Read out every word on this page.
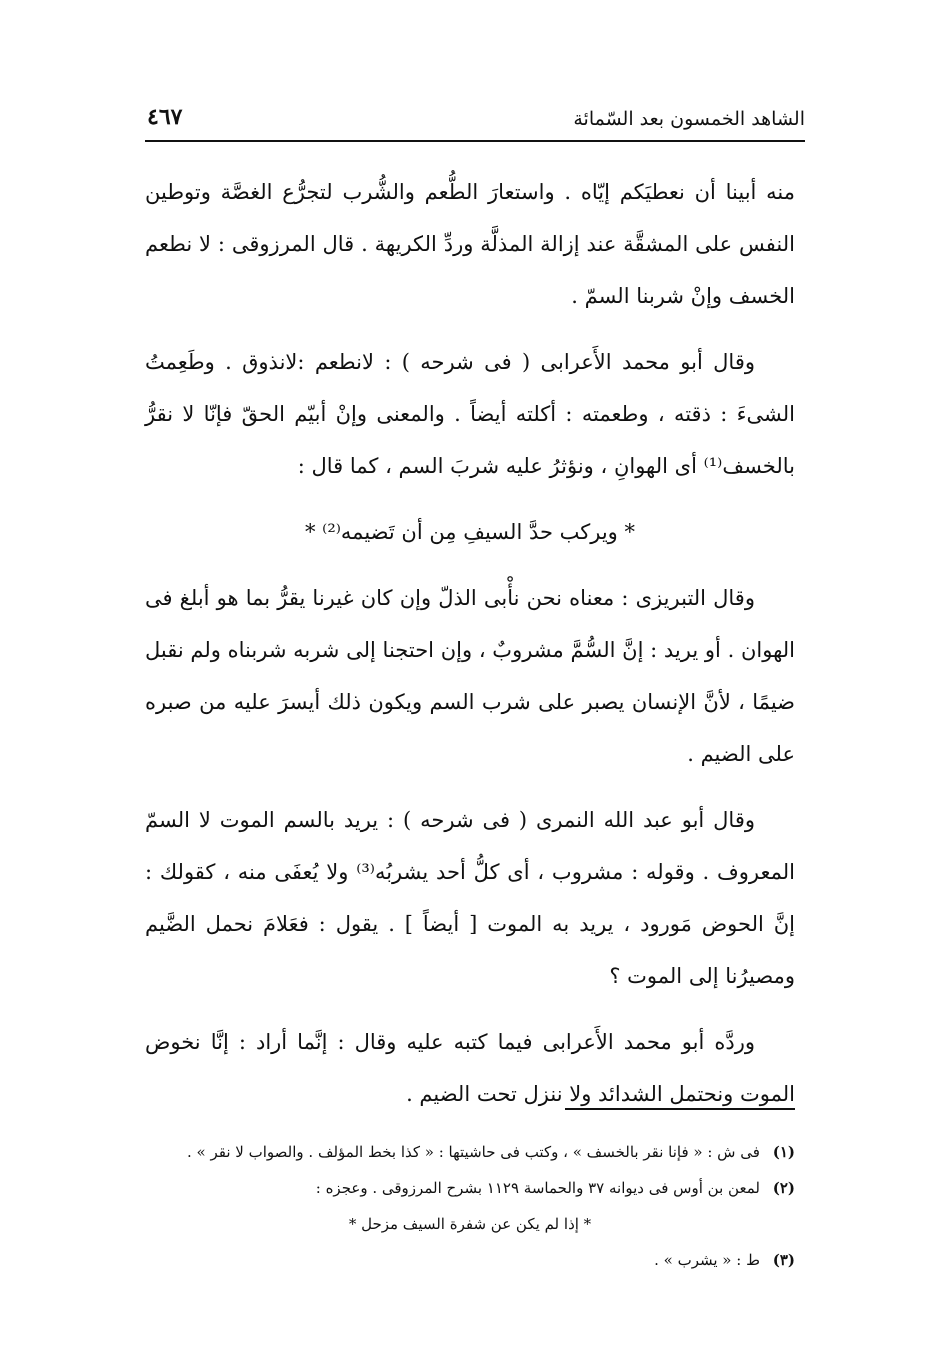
الشاهد الخمسون بعد السّمائة
٤٦٧

منه أبينا أن نعطيَكم إيّاه . واستعارَ الطُّعم والشُّرب لتجرُّع الغصَّة وتوطين النفس على المشقَّة عند إزالة المذلَّة وردِّ الكريهة . قال المرزوقى : لا نطعم الخسف وإنْ شربنا السمّ .

وقال أبو محمد الأَعرابى ( فى شرحه ) : لانطعم :لانذوق . وطَعِمتُ الشىءَ : ذقته ، وطعمته : أكلته أيضاً . والمعنى وإنْ أبيّم الحقّ فإنّا لا نقرُّ بالخسف⁽¹⁾ أى الهوانِ ، ونؤثرُ عليه شربَ السم ، كما قال :

* ويركب حدَّ السيفِ مِن أن تَضيمه⁽²⁾ *

وقال التبريزى : معناه نحن نأْبى الذلّ وإن كان غيرنا يقرُّ بما هو أبلغ فى الهوان . أو يريد : إنَّ السُّمَّ مشروبٌ ، وإن احتجنا إلى شربه شربناه ولم نقبل ضيمًا ، لأنَّ الإنسان يصبر على شرب السم ويكون ذلك أيسرَ عليه من صبره على الضيم .

وقال أبو عبد الله النمرى ( فى شرحه ) : يريد بالسم الموت لا السمّ المعروف . وقوله : مشروب ، أى كلُّ أحد يشربُه⁽³⁾ ولا يُعفَى منه ، كقولك : إنَّ الحوض مَورود ، يريد به الموت [ أيضاً ] . يقول : فعَلامَ نحمل الضَّيم ومصيرُنا إلى الموت ؟

وردَّه أبو محمد الأَعرابى فيما كتبه عليه وقال : إنَّما أراد : إنَّا نخوض الموت ونحتمل الشدائد ولا ننزل تحت الضيم .

(١) فى ش : « فإنا نقر بالخسف » ، وكتب فى حاشيتها : « كذا بخط المؤلف . والصواب لا نقر » .

(٢) لمعن بن أوس فى ديوانه ٣٧ والحماسة ١١٢٩ بشرح المرزوقى . وعجزه :

* إذا لم يكن عن شفرة السيف مزحل *

(٣) ط : « يشرب » .
